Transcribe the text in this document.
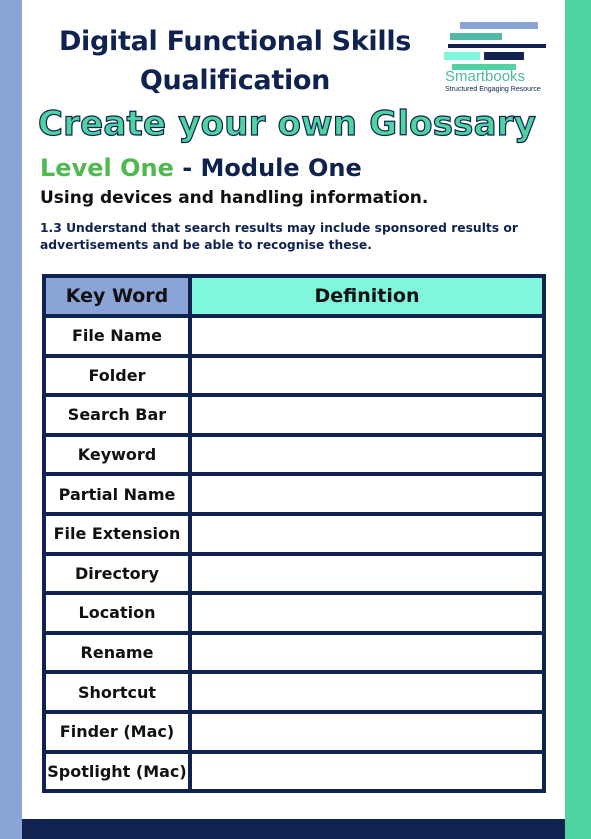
Digital Functional Skills Qualification	Smartbooks
Structured Engaging Resource
Create your own Glossary
Level One - Module One

Using devices and handling information.

1.3 Understand that search results may include sponsored results or advertisements and be able to recognise these.

Key Word	Definition
File Name	
Folder	
Search Bar	
Keyword	
Partial Name	
File Extension	
Directory	
Location	
Rename	
Shortcut	
Finder (Mac)	
Spotlight (Mac)	
